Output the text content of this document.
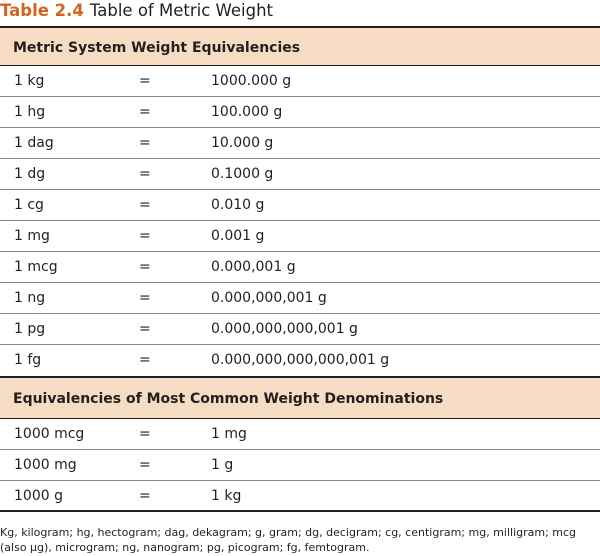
Table 2.4 Table of Metric Weight
Metric System Weight Equivalencies
1 kg	=	1000.000 g
1 hg	=	100.000 g
1 dag	=	10.000 g
1 dg	=	0.1000 g
1 cg	=	0.010 g
1 mg	=	0.001 g
1 mcg	=	0.000,001 g
1 ng	=	0.000,000,001 g
1 pg	=	0.000,000,000,001 g
1 fg	=	0.000,000,000,000,001 g
Equivalencies of Most Common Weight Denominations
1000 mcg	=	1 mg
1000 mg	=	1 g
1000 g	=	1 kg
Kg, kilogram; hg, hectogram; dag, dekagram; g, gram; dg, decigram; cg, centigram; mg, milligram; mcg (also µg), microgram; ng, nanogram; pg, picogram; fg, femtogram.
